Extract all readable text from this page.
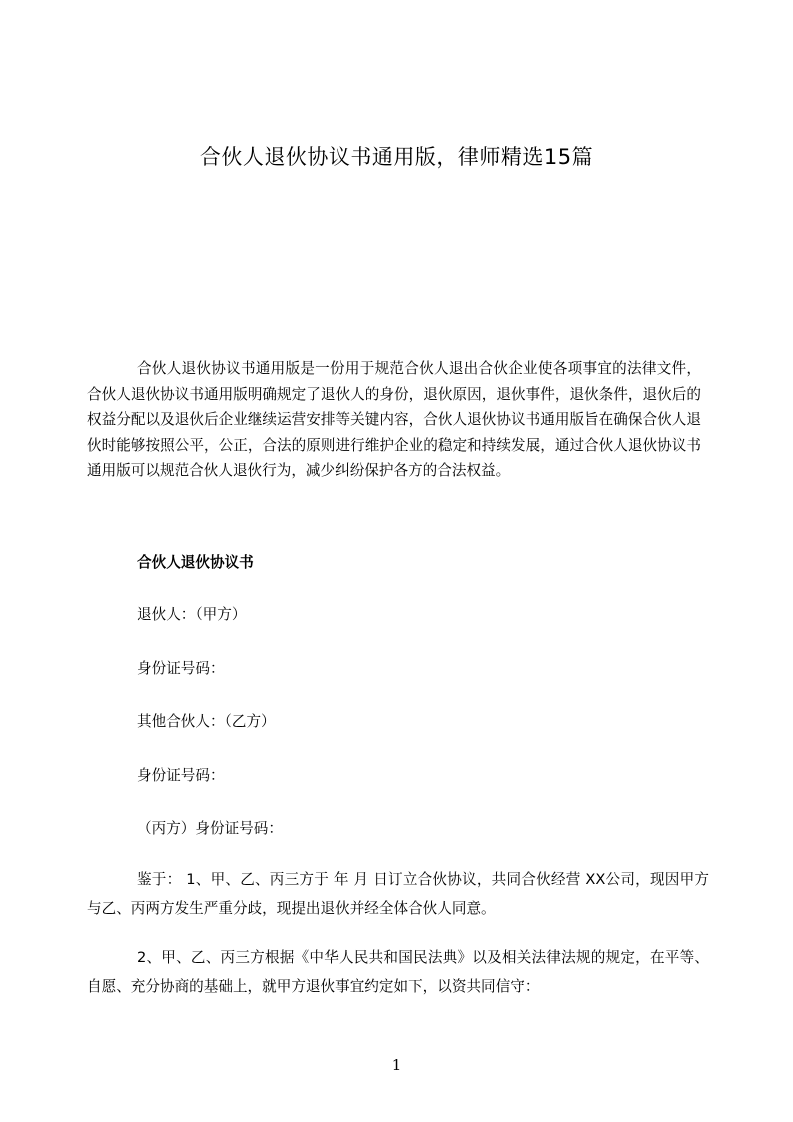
合伙人退伙协议书通用版，律师精选15篇
合伙人退伙协议书通用版是一份用于规范合伙人退出合伙企业使各项事宜的法律文件，合伙人退伙协议书通用版明确规定了退伙人的身份，退伙原因，退伙事件，退伙条件，退伙后的权益分配以及退伙后企业继续运营安排等关键内容，合伙人退伙协议书通用版旨在确保合伙人退伙时能够按照公平，公正，合法的原则进行维护企业的稳定和持续发展，通过合伙人退伙协议书通用版可以规范合伙人退伙行为，减少纠纷保护各方的合法权益。
合伙人退伙协议书
退伙人：（甲方）
身份证号码：
其他合伙人：（乙方）
身份证号码：
（丙方）身份证号码：
鉴于： 1、甲、乙、丙三方于 年 月 日订立合伙协议，共同合伙经营 XX公司，现因甲方与乙、丙两方发生严重分歧，现提出退伙并经全体合伙人同意。
2、甲、乙、丙三方根据《中华人民共和国民法典》以及相关法律法规的规定，在平等、自愿、充分协商的基础上，就甲方退伙事宜约定如下，以资共同信守：
1
